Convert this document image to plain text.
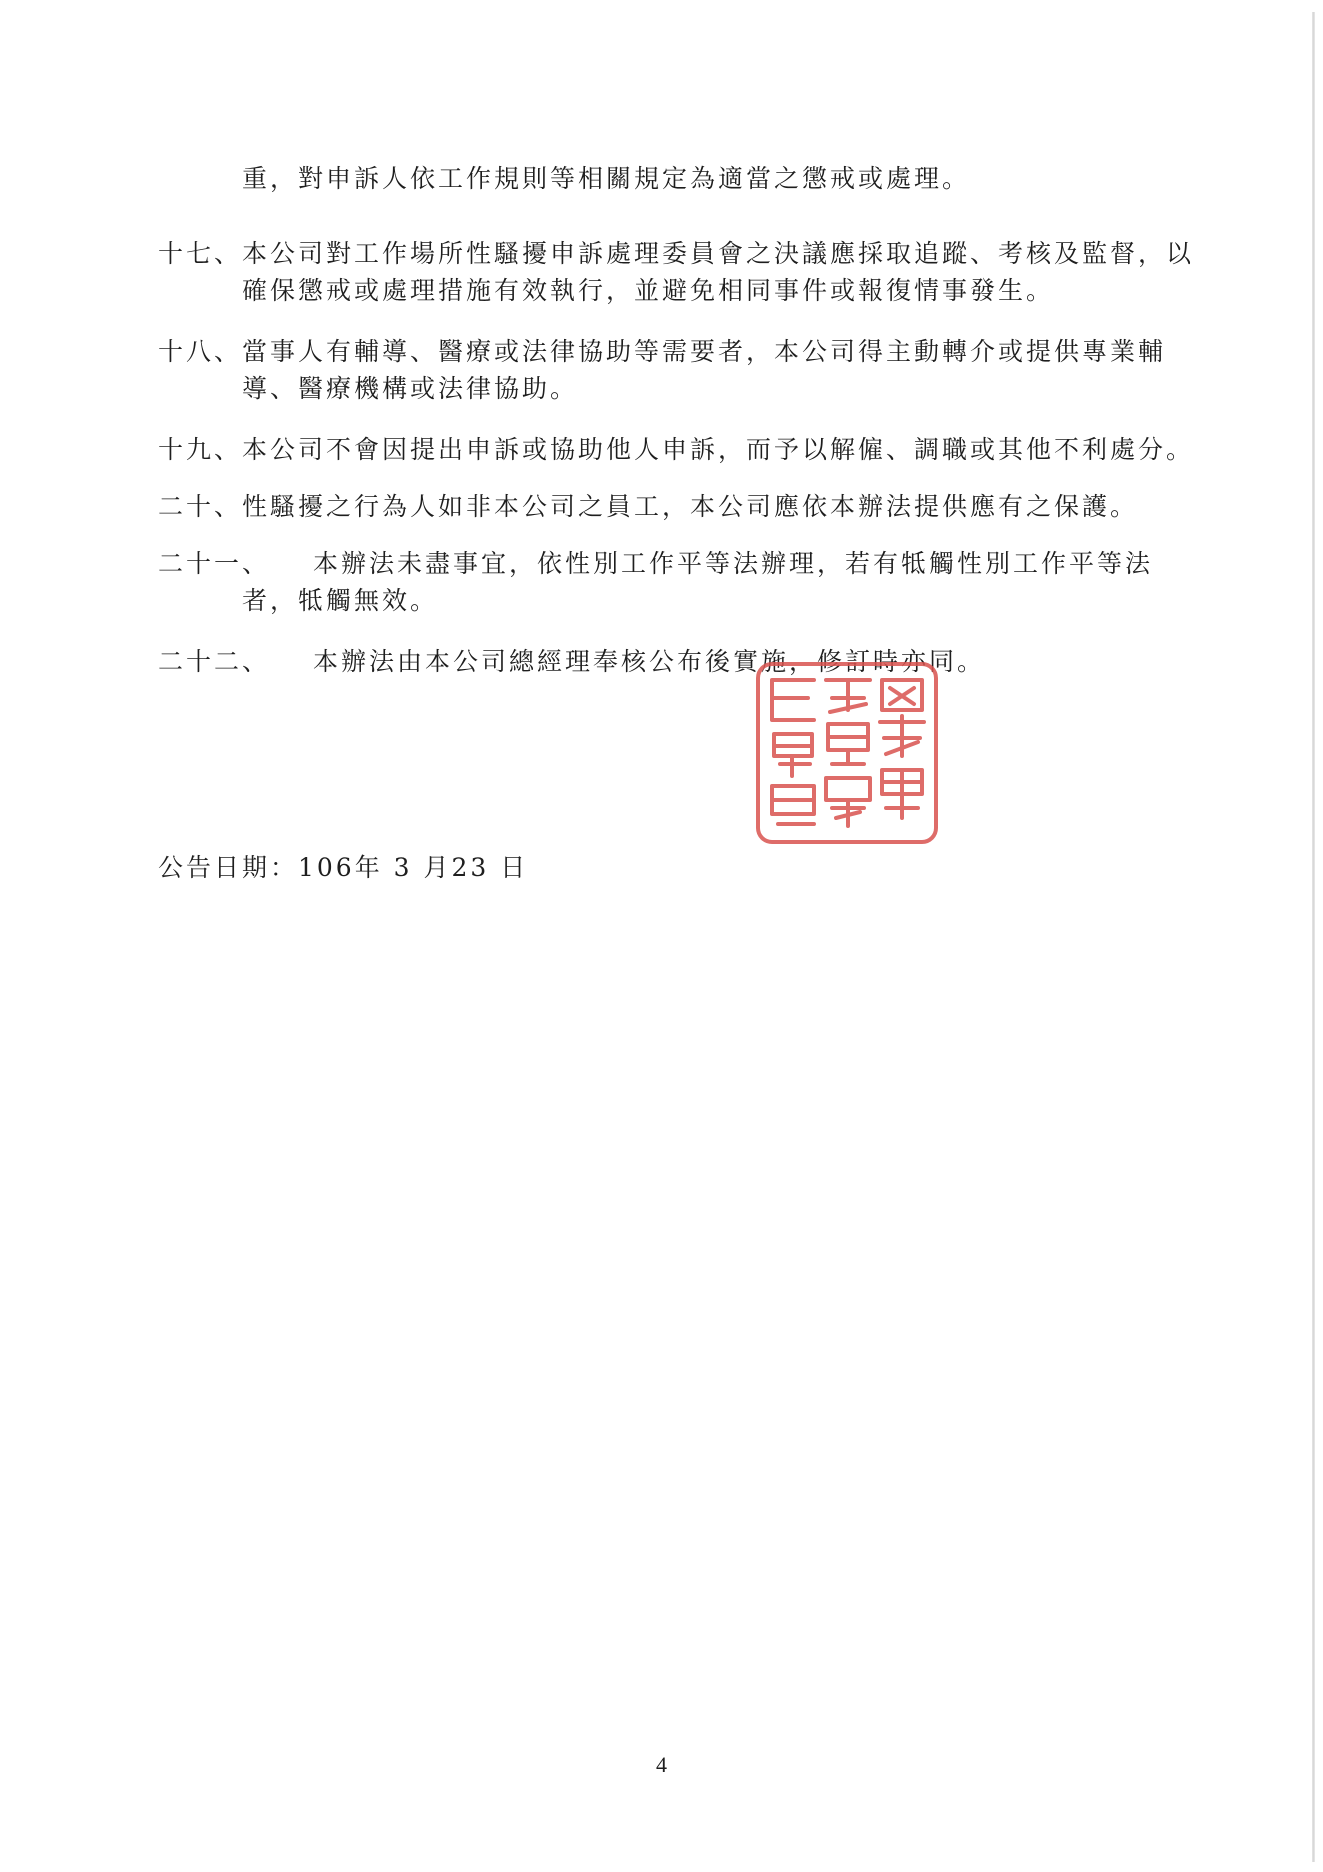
重，對申訴人依工作規則等相關規定為適當之懲戒或處理。

十七、本公司對工作場所性騷擾申訴處理委員會之決議應採取追蹤、考核及監督，以
確保懲戒或處理措施有效執行，並避免相同事件或報復情事發生。

十八、當事人有輔導、醫療或法律協助等需要者，本公司得主動轉介或提供專業輔
導、醫療機構或法律協助。

十九、本公司不會因提出申訴或協助他人申訴，而予以解僱、調職或其他不利處分。

二十、性騷擾之行為人如非本公司之員工，本公司應依本辦法提供應有之保護。

二十一、 本辦法未盡事宜，依性別工作平等法辦理，若有牴觸性別工作平等法
者，牴觸無效。

二十二、 本辦法由本公司總經理奉核公布後實施，修訂時亦同。

公告日期：106年 3 月23 日
4
